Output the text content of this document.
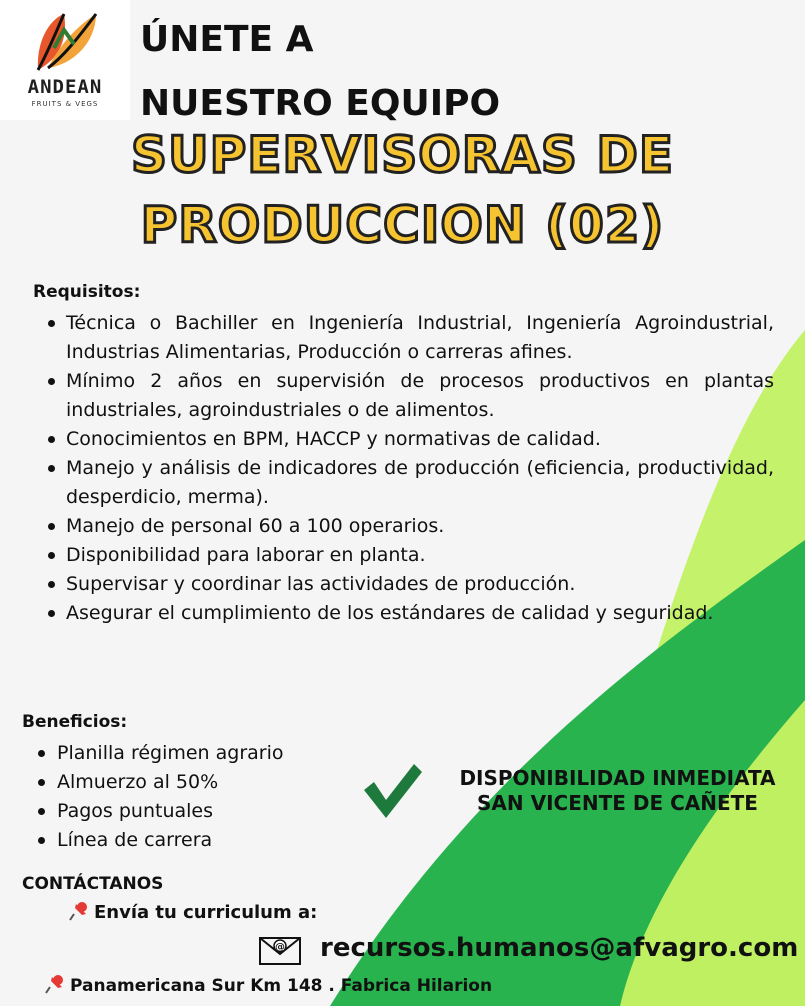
ANDEAN
FRUITS & VEGS
ÚNETE A
NUESTRO EQUIPO
SUPERVISORAS DE
PRODUCCION (02)
Requisitos:
Técnica o Bachiller en Ingeniería Industrial, Ingeniería Agroindustrial, Industrias Alimentarias, Producción o carreras afines.
Mínimo 2 años en supervisión de procesos productivos en plantas industriales, agroindustriales o de alimentos.
Conocimientos en BPM, HACCP y normativas de calidad.
Manejo y análisis de indicadores de producción (eficiencia, productividad, desperdicio, merma).
Manejo de personal 60 a 100 operarios.
Disponibilidad para laborar en planta.
Supervisar y coordinar las actividades de producción.
Asegurar el cumplimiento de los estándares de calidad y seguridad.
Beneficios:
Planilla régimen agrario
Almuerzo al 50%
Pagos puntuales
Línea de carrera
DISPONIBILIDAD INMEDIATA
SAN VICENTE DE CAÑETE
CONTÁCTANOS
Envía tu curriculum a:
@ recursos.humanos@afvagro.com
Panamericana Sur Km 148 . Fabrica Hilarion
